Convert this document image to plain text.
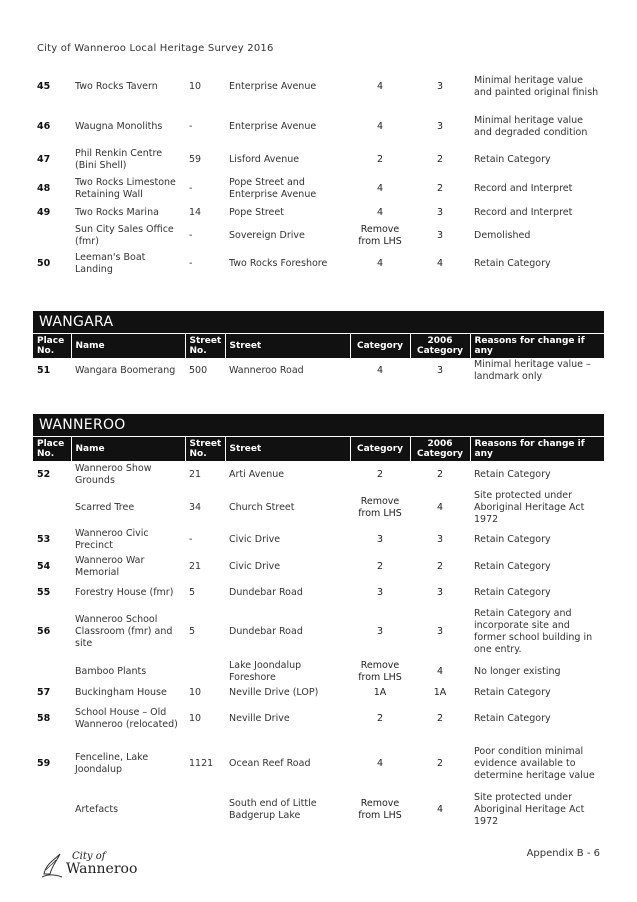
City of Wanneroo Local Heritage Survey 2016
45	Two Rocks Tavern	10	Enterprise Avenue	4	3	Minimal heritage value and painted original finish
46	Waugna Monoliths	-	Enterprise Avenue	4	3	Minimal heritage value and degraded condition
47	Phil Renkin Centre (Bini Shell)	59	Lisford Avenue	2	2	Retain Category
48	Two Rocks Limestone Retaining Wall	-	Pope Street and Enterprise Avenue	4	2	Record and Interpret
49	Two Rocks Marina	14	Pope Street	4	3	Record and Interpret
	Sun City Sales Office (fmr)	-	Sovereign Drive	Remove from LHS	3	Demolished
50	Leeman's Boat Landing	-	Two Rocks Foreshore	4	4	Retain Category
WANGARA
Place No.	Name	Street No.	Street	Category	2006 Category	Reasons for change if any
51	Wangara Boomerang	500	Wanneroo Road	4	3	Minimal heritage value – landmark only
WANNEROO
Place No.	Name	Street No.	Street	Category	2006 Category	Reasons for change if any
52	Wanneroo Show Grounds	21	Arti Avenue	2	2	Retain Category
	Scarred Tree	34	Church Street	Remove from LHS	4	Site protected under Aboriginal Heritage Act 1972
53	Wanneroo Civic Precinct	-	Civic Drive	3	3	Retain Category
54	Wanneroo War Memorial	21	Civic Drive	2	2	Retain Category
55	Forestry House (fmr)	5	Dundebar Road	3	3	Retain Category
56	Wanneroo School Classroom (fmr) and site	5	Dundebar Road	3	3	Retain Category and incorporate site and former school building in one entry.
	Bamboo Plants		Lake Joondalup Foreshore	Remove from LHS	4	No longer existing
57	Buckingham House	10	Neville Drive (LOP)	1A	1A	Retain Category
58	School House – Old Wanneroo (relocated)	10	Neville Drive	2	2	Retain Category
59	Fenceline, Lake Joondalup	1121	Ocean Reef Road	4	2	Poor condition minimal evidence available to determine heritage value
	Artefacts		South end of Little Badgerup Lake	Remove from LHS	4	Site protected under Aboriginal Heritage Act 1972
City of
Wanneroo
Appendix B - 6
